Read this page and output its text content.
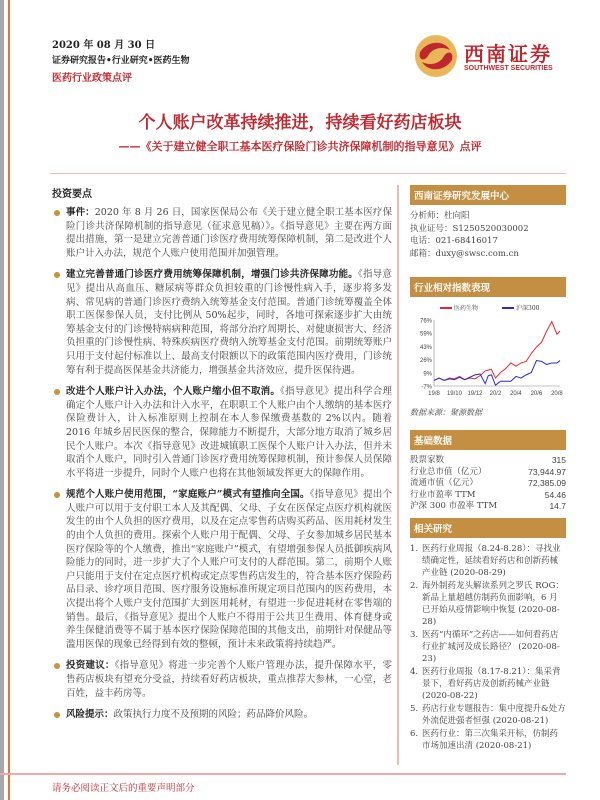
2020 年 08 月 30 日
证券研究报告•行业研究•医药生物
医药行业政策点评
西南证券
SOUTHWEST SECURITIES
个人账户改革持续推进，持续看好药店板块
——《关于建立健全职工基本医疗保险门诊共济保障机制的指导意见》点评
投资要点
事件：2020 年 8 月 26 日，国家医保局公布《关于建立健全职工基本医疗保险门诊共济保障机制的指导意见（征求意见稿）》。《指导意见》主要在两方面提出措施，第一是建立完善普通门诊医疗费用统筹保障机制，第二是改进个人账户计入办法，规范个人账户使用范围并加强管理。
建立完善普通门诊医疗费用统筹保障机制，增强门诊共济保障功能。《指导意见》提出从高血压、糖尿病等群众负担较重的门诊慢性病入手，逐步将多发病、常见病的普通门诊医疗费纳入统筹基金支付范围。普通门诊统筹覆盖全体职工医保参保人员，支付比例从 50%起步，同时，各地可探索逐步扩大由统筹基金支付的门诊慢特病病种范围，将部分治疗周期长、对健康损害大、经济负担重的门诊慢性病、特殊疾病医疗费纳入统筹基金支付范围。前期统筹账户只用于支付起付标准以上、最高支付限额以下的政策范围内医疗费用，门诊统筹有利于提高医保基金共济能力，增强基金共济效应，提升医保待遇。
改进个人账户计入办法，个人账户缩小但不取消。《指导意见》提出科学合理确定个人账户计入办法和计入水平，在职职工个人账户由个人缴纳的基本医疗保险费计入，计入标准原则上控制在本人参保缴费基数的 2%以内。随着 2016 年城乡居民医保的整合，保障能力不断提升，大部分地方取消了城乡居民个人账户。本次《指导意见》改进城镇职工医保个人账户计入办法，但并未取消个人账户，同时引入普通门诊医疗费用统筹保障机制，预计参保人员保障水平将进一步提升，同时个人账户也将在其他领域发挥更大的保障作用。
规范个人账户使用范围，“家庭账户”模式有望推向全国。《指导意见》提出个人账户可以用于支付职工本人及其配偶、父母、子女在医保定点医疗机构就医发生的由个人负担的医疗费用，以及在定点零售药店购买药品、医用耗材发生的由个人负担的费用。探索个人账户用于配偶、父母、子女参加城乡居民基本医疗保险等的个人缴费，推出“家庭账户”模式，有望增强参保人员抵御疾病风险能力的同时，进一步扩大了个人账户可支付的人群范围。第二，前期个人账户只能用于支付在定点医疗机构或定点零售药店发生的，符合基本医疗保险药品目录、诊疗项目范围、医疗服务设施标准所规定项目范围内的医药费用，本次提出将个人账户支付范围扩大到医用耗材，有望进一步促进耗材在零售端的销售。最后，《指导意见》提出个人账户不得用于公共卫生费用、体育健身或养生保健消费等不属于基本医疗保险保障范围的其他支出，前期针对保健品等滥用医保的现象已经得到有效的整顿，预计未来政策将持续趋严。
投资建议：《指导意见》将进一步完善个人账户管理办法，提升保障水平，零售药店板块有望充分受益，持续看好药店板块，重点推荐大参林，一心堂，老百姓，益丰药房等。
风险提示：政策执行力度不及预期的风险；药品降价风险。
西南证券研究发展中心
分析师：杜向阳
执业证号：S1250520030002
电话：021-68416017
邮箱：duxy@swsc.com.cn
行业相对指数表现
-7%
9%
26%
43%
59%
76%
19/8 19/10 19/12 20/2 20/4 20/6 20/8
医药生物	沪深300
数据来源：聚源数据
基础数据
股票家数	315
行业总市值（亿元）	73,944.97
流通市值（亿元）	72,385.09
行业市盈率 TTM	54.46
沪深 300 市盈率 TTM	14.7
相关研究
1. 医药行业周报（8.24-8.28）：寻找业绩确定性，延续看好药店和创新药械产业链 (2020-08-29)
2. 海外制药龙头解读系列之罗氏 ROG：新品上量超越仿制药负面影响，6 月已开始从疫情影响中恢复 (2020-08-28)
3. 医药“内循环”之药店——如何看药店行业扩城河及成长路径？ (2020-08-23)
4. 医药行业周报（8.17-8.21）：集采背景下，看好药店及创新药械产业链 (2020-08-22)
5. 药店行业专题报告：集中度提升&处方外流促进强者恒强 (2020-08-21)
6. 医药行业：第三次集采开标，仿制药市场加速出清 (2020-08-21)
请务必阅读正文后的重要声明部分
